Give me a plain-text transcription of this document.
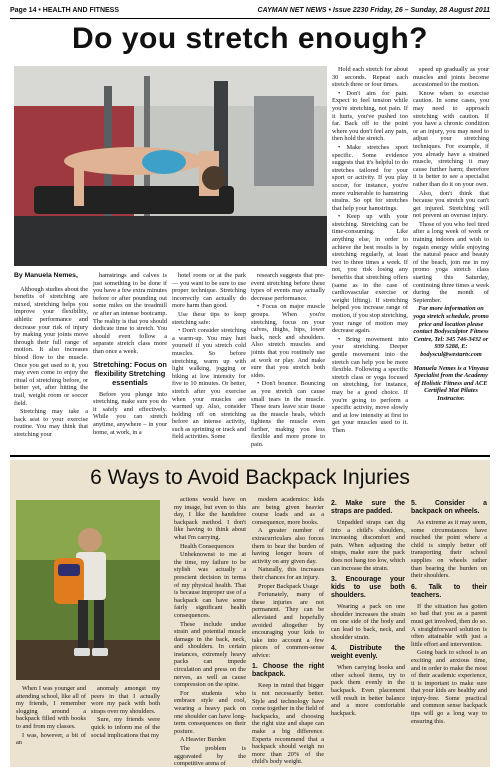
Page 14 • HEALTH AND FITNESS	CAYMAN NET NEWS • Issue 2230 Friday, 26 – Sunday, 28 August 2011
Do you stretch enough?
By Manuela Nemes,

Although studies about the benefits of stretching are mixed, stretching helps you improve your flexibility, athletic performance and decrease your risk of injury by making your joints move through their full range of motion. It also increases blood flow to the muscle. Once you get used to it, you may even come to enjoy the ritual of stretching before, or better yet, after hitting the trail, weight room or soccer field.

Stretching may take a back seat to your exercise routine. You may think that stretching your

hamstrings and calves is just something to be done if you have a few extra minutes before or after pounding out some miles on the treadmill or after an intense bootcamp. The reality is that you should dedicate time to stretch. You should even follow a separate stretch class more than once a week.

Stretching: Focus on flexibility Stretching essentials

Before you plunge into stretching, make sure you do it safely and effectively. While you can stretch anytime, anywhere – in your home, at work, in a

hotel room or at the park — you want to be sure to use proper technique. Stretching incorrectly can actually do more harm than good.

Use these tips to keep stretching safe:

• Don't consider stretching a warm-up. You may hurt yourself if you stretch cold muscles. So before stretching, warm up with light walking, jogging or biking at low intensity for five to 10 minutes. Or better, stretch after you exercise when your muscles are warmed up. Also, consider holding off on stretching before an intense activity, such as sprinting or track and field activities. Some

research suggests that pre-event stretching before these types of events may actually decrease performance.

• Focus on major muscle groups. When you're stretching, focus on your calves, thighs, hips, lower back, neck and shoulders. Also stretch muscles and joints that you routinely use at work or play. And make sure that you stretch both sides.

• Don't bounce. Bouncing as you stretch can cause small tears in the muscle. These tears leave scar tissue as the muscle heals, which tightens the muscle even further, making you less flexible and more prone to pain.

Hold each stretch for about 30 seconds. Repeat each stretch three or four times.

• Don't aim for pain. Expect to feel tension while you're stretching, not pain. If it hurts, you've pushed too far. Back off to the point where you don't feel any pain, then hold the stretch.

• Make stretches sport specific. Some evidence suggests that it's helpful to do stretches tailored for your sport or activity. If you play soccer, for instance, you're more vulnerable to hamstring strains. So opt for stretches that help your hamstrings.

• Keep up with your stretching. Stretching can be time-consuming. Like anything else, in order to achieve the best results is by stretching regularly, at least two to three times a week. If not, you risk losing any benefits that stretching offers (same as in the case of cardiovascular exercise or weight lifting). If stretching helped you increase range of motion, if you stop stretching, your range of motion may decrease again.

• Bring movement into your stretching. Deeper gentle movement into the stretch can help you be more flexible. Following a specific stretch class or yoga focused on stretching, for instance, may be a good choice. If you're going to perform a specific activity, move slowly and at low intensity at first to get your muscles used to it. Then

speed up gradually as your muscles and joints become accustomed to the motion.

Know when to exercise caution. In some cases, you may need to approach stretching with caution. If you have a chronic condition or an injury, you may need to adjust your stretching techniques. For example, if you already have a strained muscle, stretching it may cause further harm; therefore it is better to see a specialist rather than do it on your own.

Also, don't think that because you stretch you can't get injured. Stretching will not prevent an overuse injury.

Those of you who feel tired after a long week of work or training indoors and wish to regain energy while enjoying the natural peace and beauty of the beach, join me in my promo yoga stretch class starting this Saturday, continuing three times a week during the month of September.

For more information on yoga stretch schedule, promo price and location please contact Bodysculptor Fitness Centre, Tel: 345 746-3432 or 939 5288, E: bodyscul@westartv.com

Manuela Nemes is a Vinyasa Specialist from the Academy of Holistic Fitness and ACE Certified Mat Pilates Instructor.

6 Ways to Avoid Backpack Injuries

When I was younger and attending school, like all of my friends, I remember slogging around a backpack filled with books to and from my classes.

I was, however, a bit of an

anomaly amongst my peers in that I actually wore my pack with both straps over my shoulders.

Sure, my friends were quick to inform me of the social implications that my

actions would have on my image, but even to this day, I like the handsfree backpack method. I don't like having to think about what I'm carrying.

Health Consequences

Unbeknownst to me at the time, my failure to be stylish was actually a prescient decision in terms of my physical health. That is because improper use of a backpack can have some fairly significant health consequences.

These include undue strain and potential muscle damage in the back, neck, and shoulders. In certain instances, extremely heavy packs can impede circulation and press on the nerves, as well as cause compression on the spine.

For students who embrace style and cool, wearing a heavy pack on one shoulder can have long-term consequences on their posture.

A Heavier Burden

The problem is aggravated by the competitive arena of

modern academics: kids are being given heavier course loads and as a consequence, more books.

A greater number of extracurriculars also forces them to bear the burden of having longer hours of activity on any given day.

Naturally, this increases their chances for an injury.

Proper Backpack Usage

Fortunately, many of these injuries are not permanent. They can be alleviated and hopefully avoided altogether by encouraging your kids to take into account a few pieces of common-sense advice:

1. Choose the right backpack.

Keep in mind that bigger is not necessarily better. Style and technology have come together in the field of backpacks, and choosing the right size and shape can make a big difference. Experts recommend that a backpack should weigh no more than 20% of the child's body weight.

2. Make sure the straps are padded.

Unpadded straps can dig into a child's shoulders, increasing discomfort and pain. When adjusting the straps, make sure the pack does not hang too low, which can increase the strain.

3. Encourage your kids to use both shoulders.

Wearing a pack on one shoulder increases the strain on one side of the body and can lead to back, neck, and shoulder strain.

4. Distribute the weight evenly.

When carrying books and other school items, try to pack them evenly in the backpack. Even placement will result in better balance and a more comfortable backpack.

5. Consider a backpack on wheels.

As extreme as it may seem, some circumstances have reached the point where a child is simply better off transporting their school supplies on wheels rather than bearing the burden on their shoulders.

6. Talk to their teachers.

If the situation has gotten so bad that you as a parent must get involved, then do so. A straightforward solution is often attainable with just a little effort and intervention.

Going back to school is an exciting and anxious time, and in order to make the most of their academic experience, it is important to make sure that your kids are healthy and injury-free. Some practical and common sense backpack tips will go a long way to ensuring this.
